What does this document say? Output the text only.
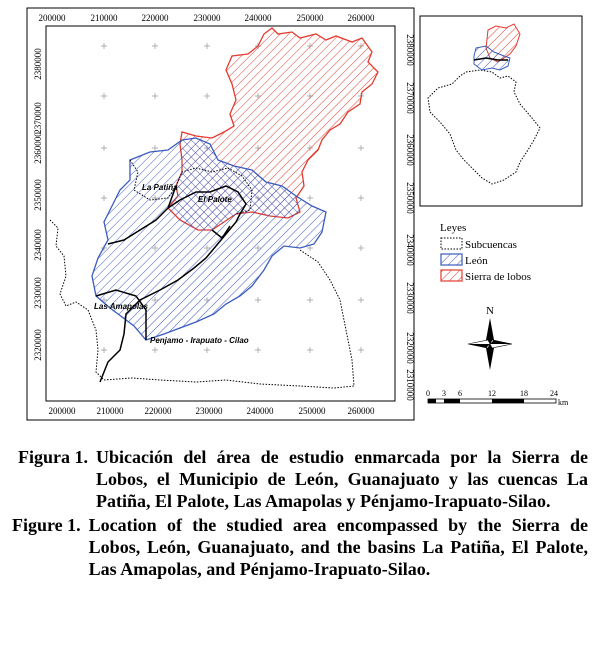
200000	210000	220000	230000	240000	250000	260000
200000 210000 220000	230000	240000	250000 260000
2380000
2370000
2360000
2350000
2340000
2330000
2320000
2380000
2370000
2360000
2350000
2340000
2330000
2320000
2310000
La Patiña
El Palote
Las Amapolas
Penjamo - Irapuato - Cilao
Leyes
Subcuencas
León
Sierra de lobos
N
0 3 6	12	18	24
km
Figura 1. Ubicación del área de estudio enmarcada por la Sierra de Lobos, el Municipio de León, Guanajuato y las cuencas La Patiña, El Palote, Las Amapolas y Pénjamo-Irapuato-Silao.
Figure 1. Location of the studied area encompassed by the Sierra de Lobos, León, Guanajuato, and the basins La Patiña, El Palote, Las Amapolas, and Pénjamo-Irapuato-Silao.
